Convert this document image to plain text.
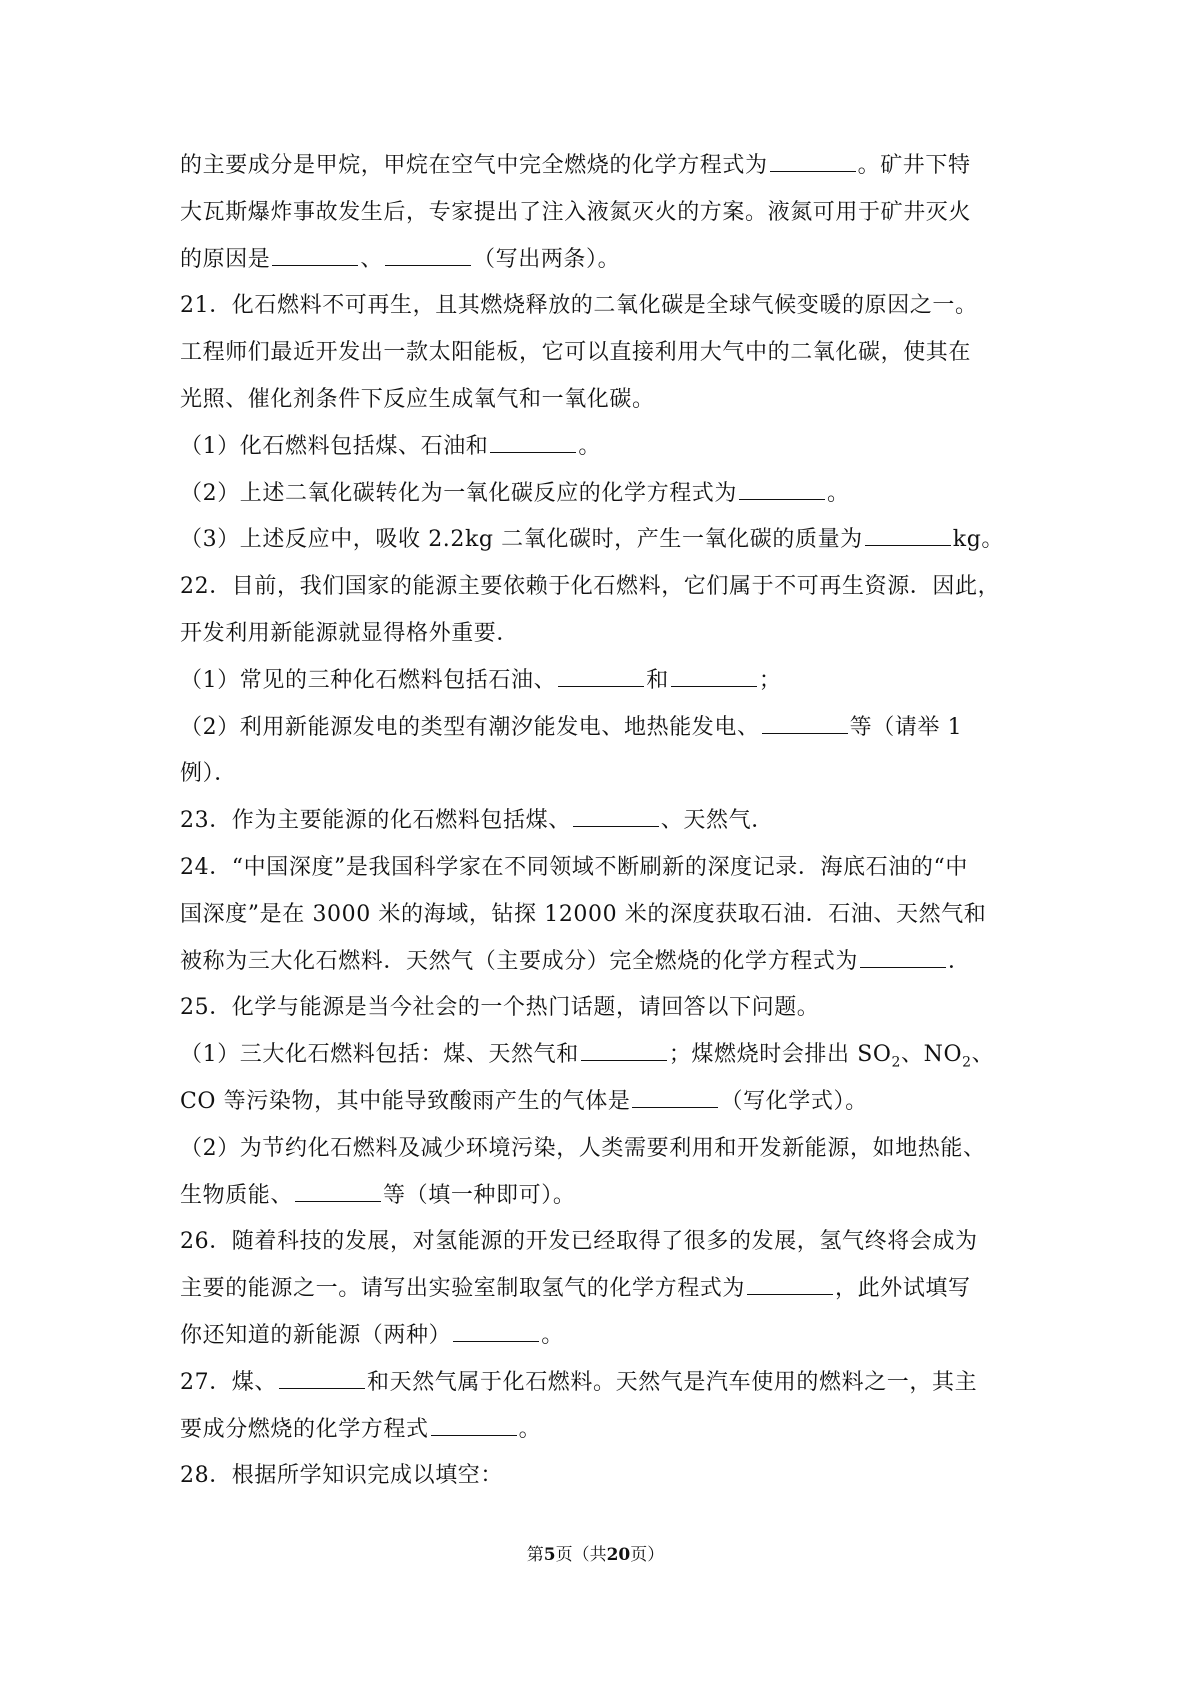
的主要成分是甲烷，甲烷在空气中完全燃烧的化学方程式为	。矿井下特
大瓦斯爆炸事故发生后，专家提出了注入液氮灭火的方案。液氮可用于矿井灭火
的原因是	、	（写出两条）。
21．化石燃料不可再生，且其燃烧释放的二氧化碳是全球气候变暖的原因之一。
工程师们最近开发出一款太阳能板，它可以直接利用大气中的二氧化碳，使其在
光照、催化剂条件下反应生成氧气和一氧化碳。
（1）化石燃料包括煤、石油和	。
（2）上述二氧化碳转化为一氧化碳反应的化学方程式为	。
（3）上述反应中，吸收 2.2kg 二氧化碳时，产生一氧化碳的质量为	kg。
22．目前，我们国家的能源主要依赖于化石燃料，它们属于不可再生资源．因此，
开发利用新能源就显得格外重要．
（1）常见的三种化石燃料包括石油、	和	；
（2）利用新能源发电的类型有潮汐能发电、地热能发电、	等（请举 1
例）．
23．作为主要能源的化石燃料包括煤、	、天然气．
24．“中国深度”是我国科学家在不同领域不断刷新的深度记录．海底石油的“中
国深度”是在 3000 米的海域，钻探 12000 米的深度获取石油．石油、天然气和
被称为三大化石燃料．天然气（主要成分）完全燃烧的化学方程式为	．
25．化学与能源是当今社会的一个热门话题，请回答以下问题。
（1）三大化石燃料包括：煤、天然气和	；煤燃烧时会排出 $SO_2$、$NO_2$、
CO 等污染物，其中能导致酸雨产生的气体是	（写化学式）。
（2）为节约化石燃料及减少环境污染，人类需要利用和开发新能源，如地热能、
生物质能、	等（填一种即可）。
26．随着科技的发展，对氢能源的开发已经取得了很多的发展，氢气终将会成为
主要的能源之一。请写出实验室制取氢气的化学方程式为	，此外试填写
你还知道的新能源（两种）	。
27．煤、	和天然气属于化石燃料。天然气是汽车使用的燃料之一，其主
要成分燃烧的化学方程式	。
28．根据所学知识完成以填空：
第5页（共20页）
